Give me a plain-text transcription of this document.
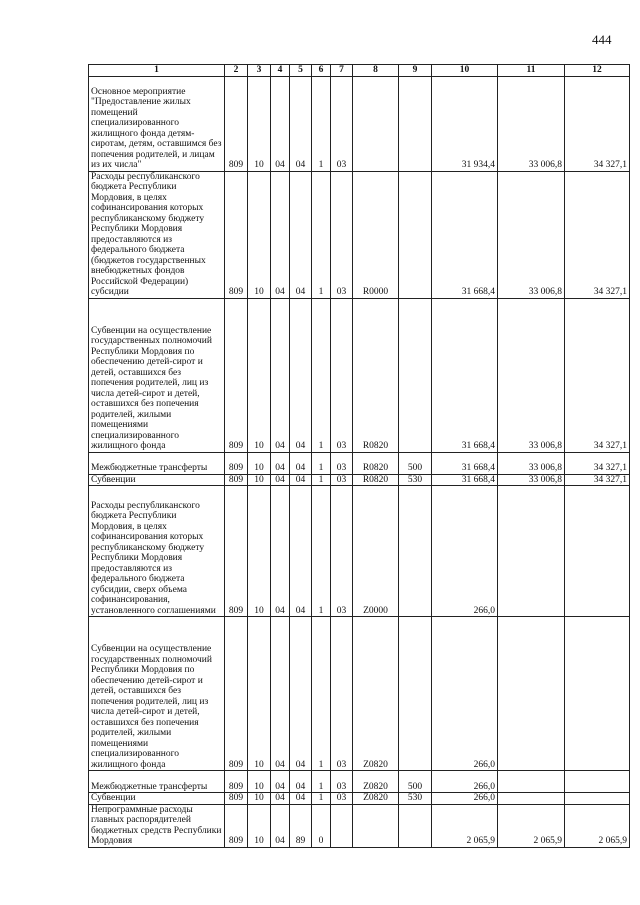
444
1	2	3	4	5	6	7	8	9	10	11	12
Основное мероприятие "Предоставление жилых помещений специализированного жилищного фонда детям-сиротам, детям, оставшимся без попечения родителей, и лицам из их числа"	809	10	04	04	1	03			31 934,4	33 006,8	34 327,1
Расходы республиканского бюджета Республики Мордовия, в целях софинансирования которых республиканскому бюджету Республики Мордовия предоставляются из федерального бюджета (бюджетов государственных внебюджетных фондов Российской Федерации) субсидии	809	10	04	04	1	03	R0000		31 668,4	33 006,8	34 327,1
Субвенции на осуществление государственных полномочий Республики Мордовия по обеспечению детей-сирот и детей, оставшихся без попечения родителей, лиц из числа детей-сирот и детей, оставшихся без попечения родителей, жилыми помещениями специализированного жилищного фонда	809	10	04	04	1	03	R0820		31 668,4	33 006,8	34 327,1
Межбюджетные трансферты	809	10	04	04	1	03	R0820	500	31 668,4	33 006,8	34 327,1
Субвенции	809	10	04	04	1	03	R0820	530	31 668,4	33 006,8	34 327,1
Расходы республиканского бюджета Республики Мордовия, в целях софинансирования которых республиканскому бюджету Республики Мордовия предоставляются из федерального бюджета субсидии, сверх объема софинансирования, установленного соглашениями	809	10	04	04	1	03	Z0000		266,0		
Субвенции на осуществление государственных полномочий Республики Мордовия по обеспечению детей-сирот и детей, оставшихся без попечения родителей, лиц из числа детей-сирот и детей, оставшихся без попечения родителей, жилыми помещениями специализированного жилищного фонда	809	10	04	04	1	03	Z0820		266,0		
Межбюджетные трансферты	809	10	04	04	1	03	Z0820	500	266,0		
Субвенции	809	10	04	04	1	03	Z0820	530	266,0		
Непрограммные расходы главных распорядителей бюджетных средств Республики Мордовия	809	10	04	89	0				2 065,9	2 065,9	2 065,9
